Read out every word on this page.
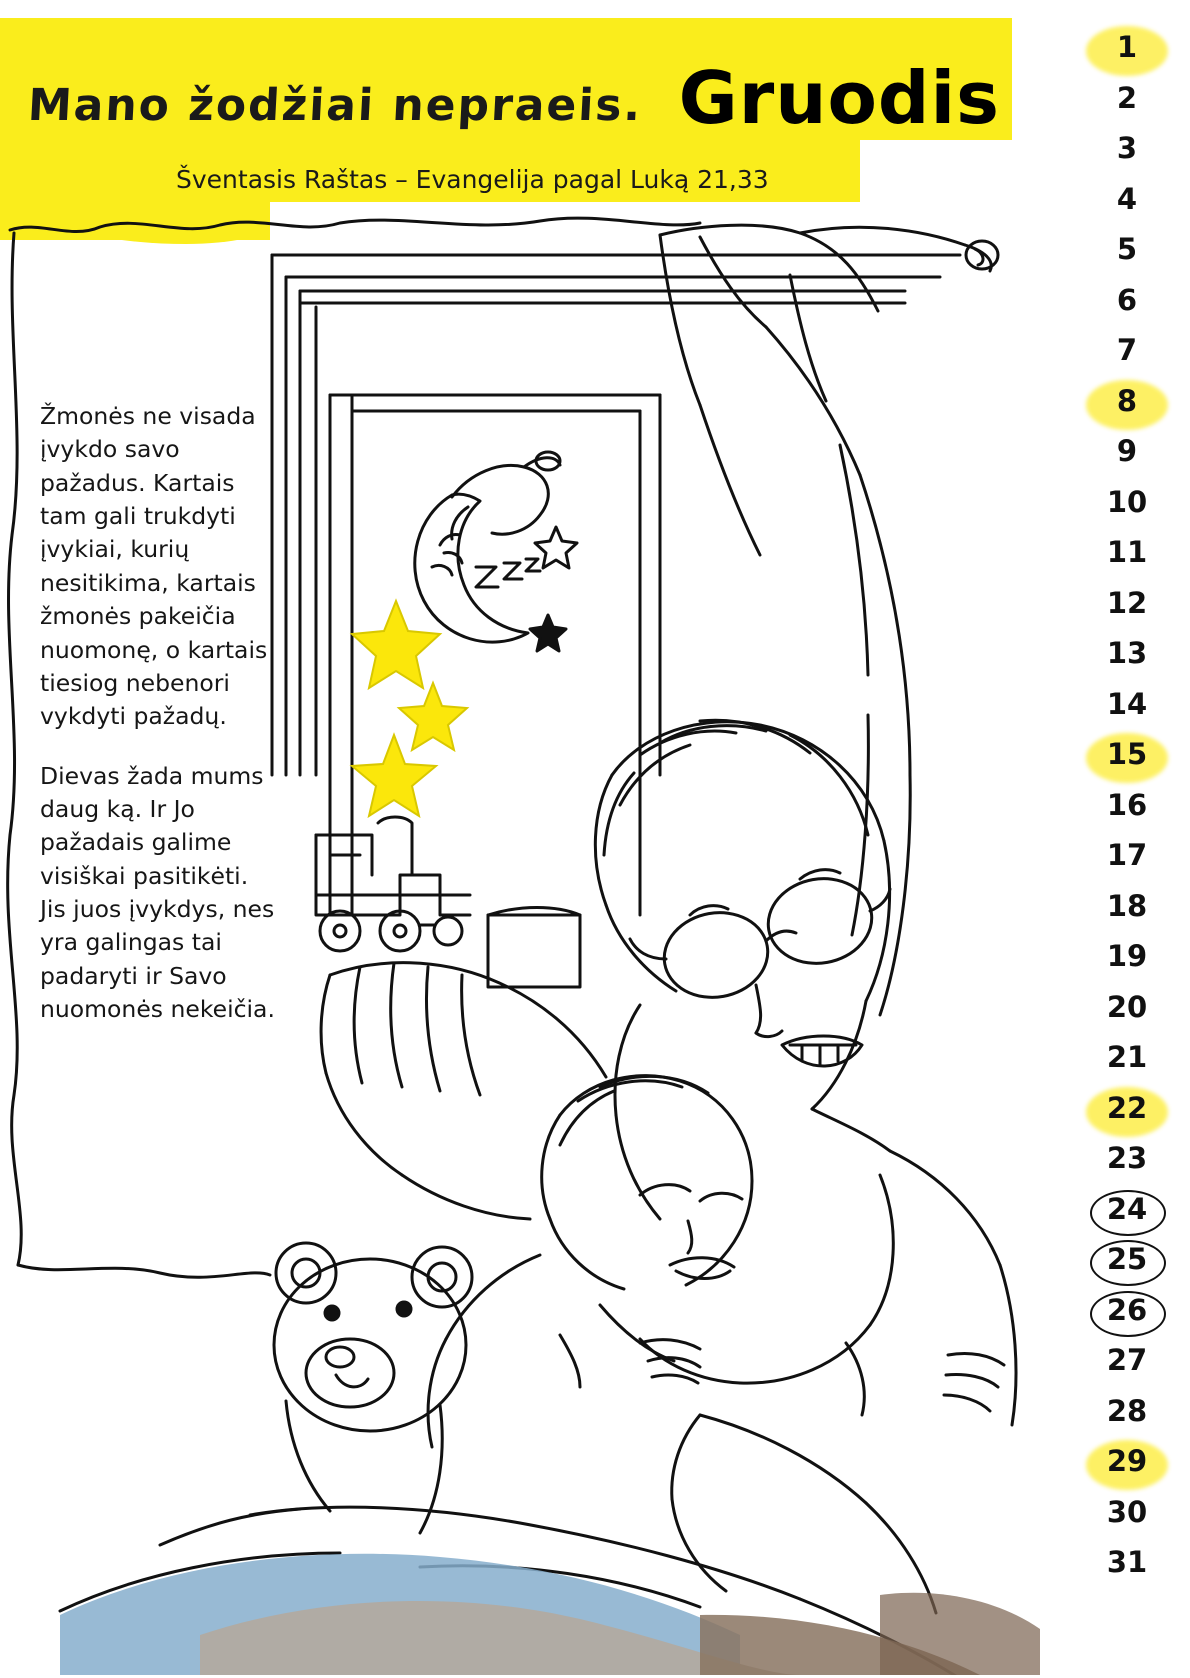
Mano žodžiai nepraeis. Gruodis
Šventasis Raštas – Evangelija pagal Luką 21,33

Žmonės ne visada įvykdo savo pažadus. Kartais tam gali trukdyti įvykiai, kurių nesitikima, kartais žmonės pakeičia nuomonę, o kartais tiesiog nebenori vykdyti pažadų.

Dievas žada mums daug ką. Ir Jo pažadais galime visiškai pasitikėti. Jis juos įvykdys, nes yra galingas tai padaryti ir Savo nuomonės nekeičia.

1
2
3
4
5
6
7
8
9
10
11
12
13
14
15
16
17
18
19
20
21
22
23
24
25
26
27
28
29
30
31
